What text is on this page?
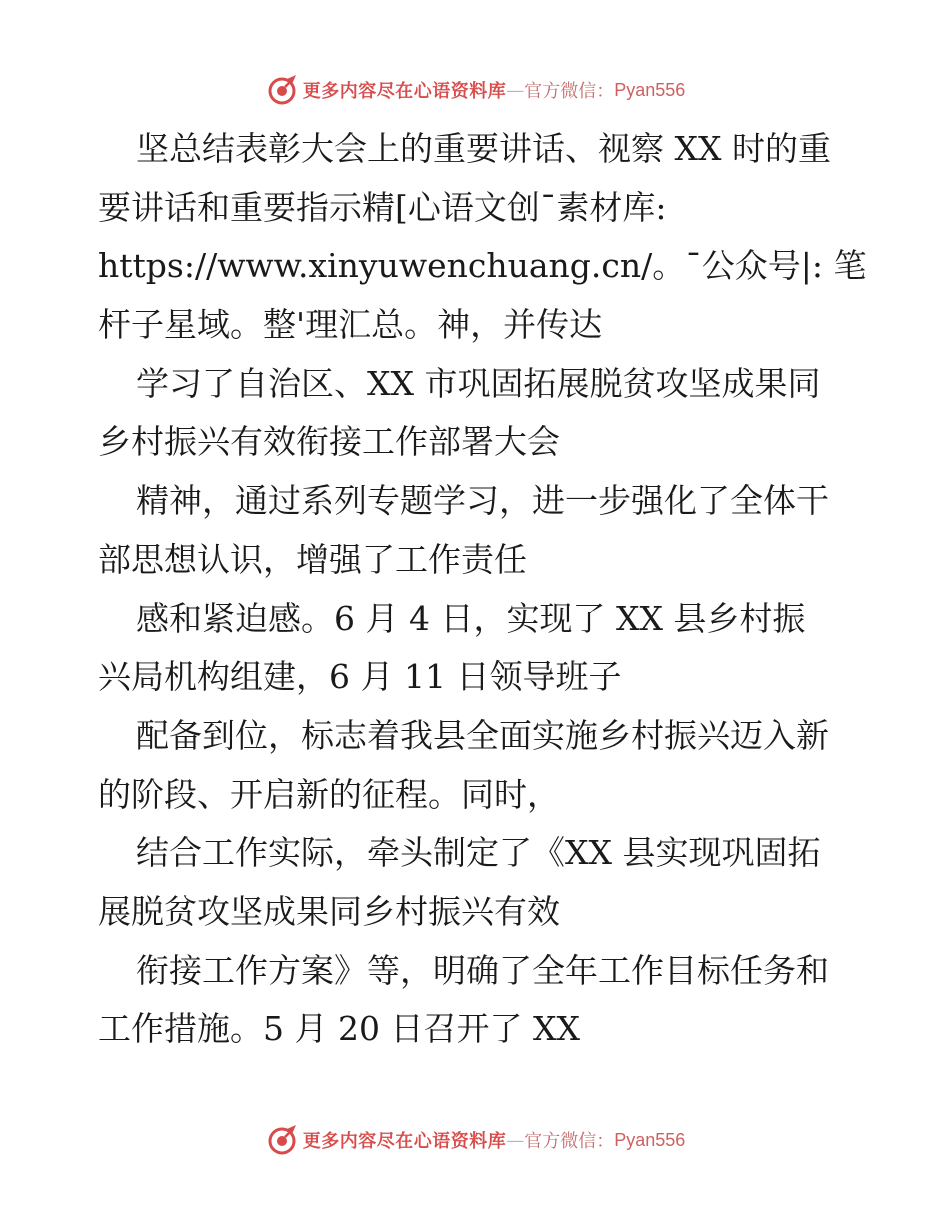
更多内容尽在心语资料库 — 官方微信： Pyan556
坚总结表彰大会上的重要讲话、视察 XX 时的重
要讲话和重要指示精[心语文创¯素材库:
https://www.xinyuwenchuang.cn/。¯公众号|: 笔
杆子星域。整'理汇总。神，并传达
学习了自治区、XX 市巩固拓展脱贫攻坚成果同
乡村振兴有效衔接工作部署大会
精神，通过系列专题学习，进一步强化了全体干
部思想认识，增强了工作责任
感和紧迫感。6 月 4 日，实现了 XX 县乡村振
兴局机构组建，6 月 11 日领导班子
配备到位，标志着我县全面实施乡村振兴迈入新
的阶段、开启新的征程。同时，
结合工作实际，牵头制定了《XX 县实现巩固拓
展脱贫攻坚成果同乡村振兴有效
衔接工作方案》等，明确了全年工作目标任务和
工作措施。5 月 20 日召开了 XX
更多内容尽在心语资料库 — 官方微信： Pyan556
